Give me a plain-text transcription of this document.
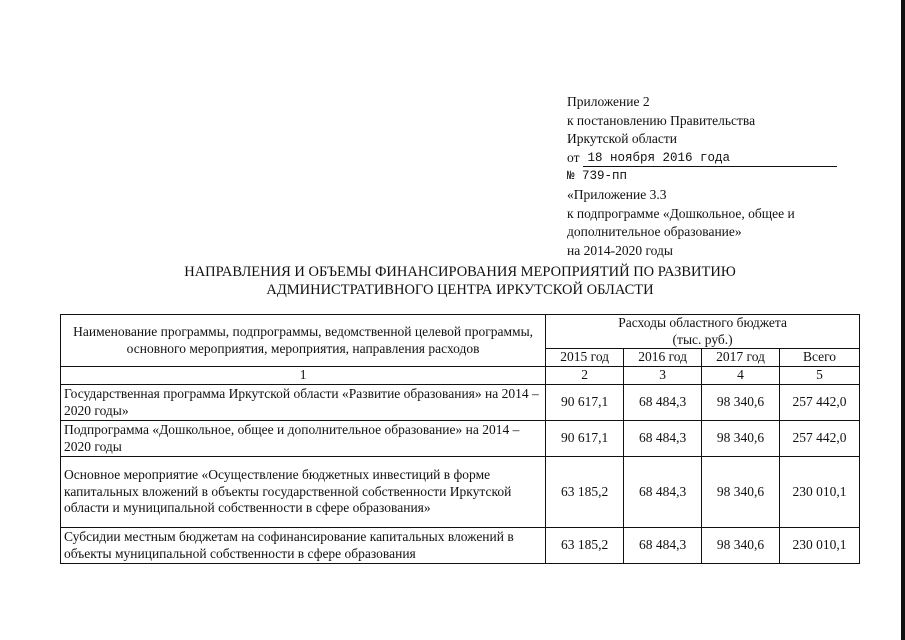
Приложение 2
к постановлению Правительства
Иркутской области
от 18 ноября 2016 года
№ 739-пп
«Приложение 3.3
к подпрограмме «Дошкольное, общее и
дополнительное образование»
на 2014-2020 годы
НАПРАВЛЕНИЯ И ОБЪЕМЫ ФИНАНСИРОВАНИЯ МЕРОПРИЯТИЙ ПО РАЗВИТИЮ
АДМИНИСТРАТИВНОГО ЦЕНТРА ИРКУТСКОЙ ОБЛАСТИ
Наименование программы, подпрограммы, ведомственной целевой программы, основного мероприятия, мероприятия, направления расходов	Расходы областного бюджета
(тыс. руб.)			

	2015 год	2016 год	2017 год	Всего
1	2	3	4	5
Государственная программа Иркутской области «Развитие образования» на 2014 – 2020 годы»	90 617,1	68 484,3	98 340,6	257 442,0
Подпрограмма «Дошкольное, общее и дополнительное образование» на 2014 – 2020 годы	90 617,1	68 484,3	98 340,6	257 442,0
Основное мероприятие «Осуществление бюджетных инвестиций в форме капитальных вложений в объекты государственной собственности Иркутской области и муниципальной собственности в сфере образования»	63 185,2	68 484,3	98 340,6	230 010,1
Субсидии местным бюджетам на софинансирование капитальных вложений в объекты муниципальной собственности в сфере образования	63 185,2	68 484,3	98 340,6	230 010,1
